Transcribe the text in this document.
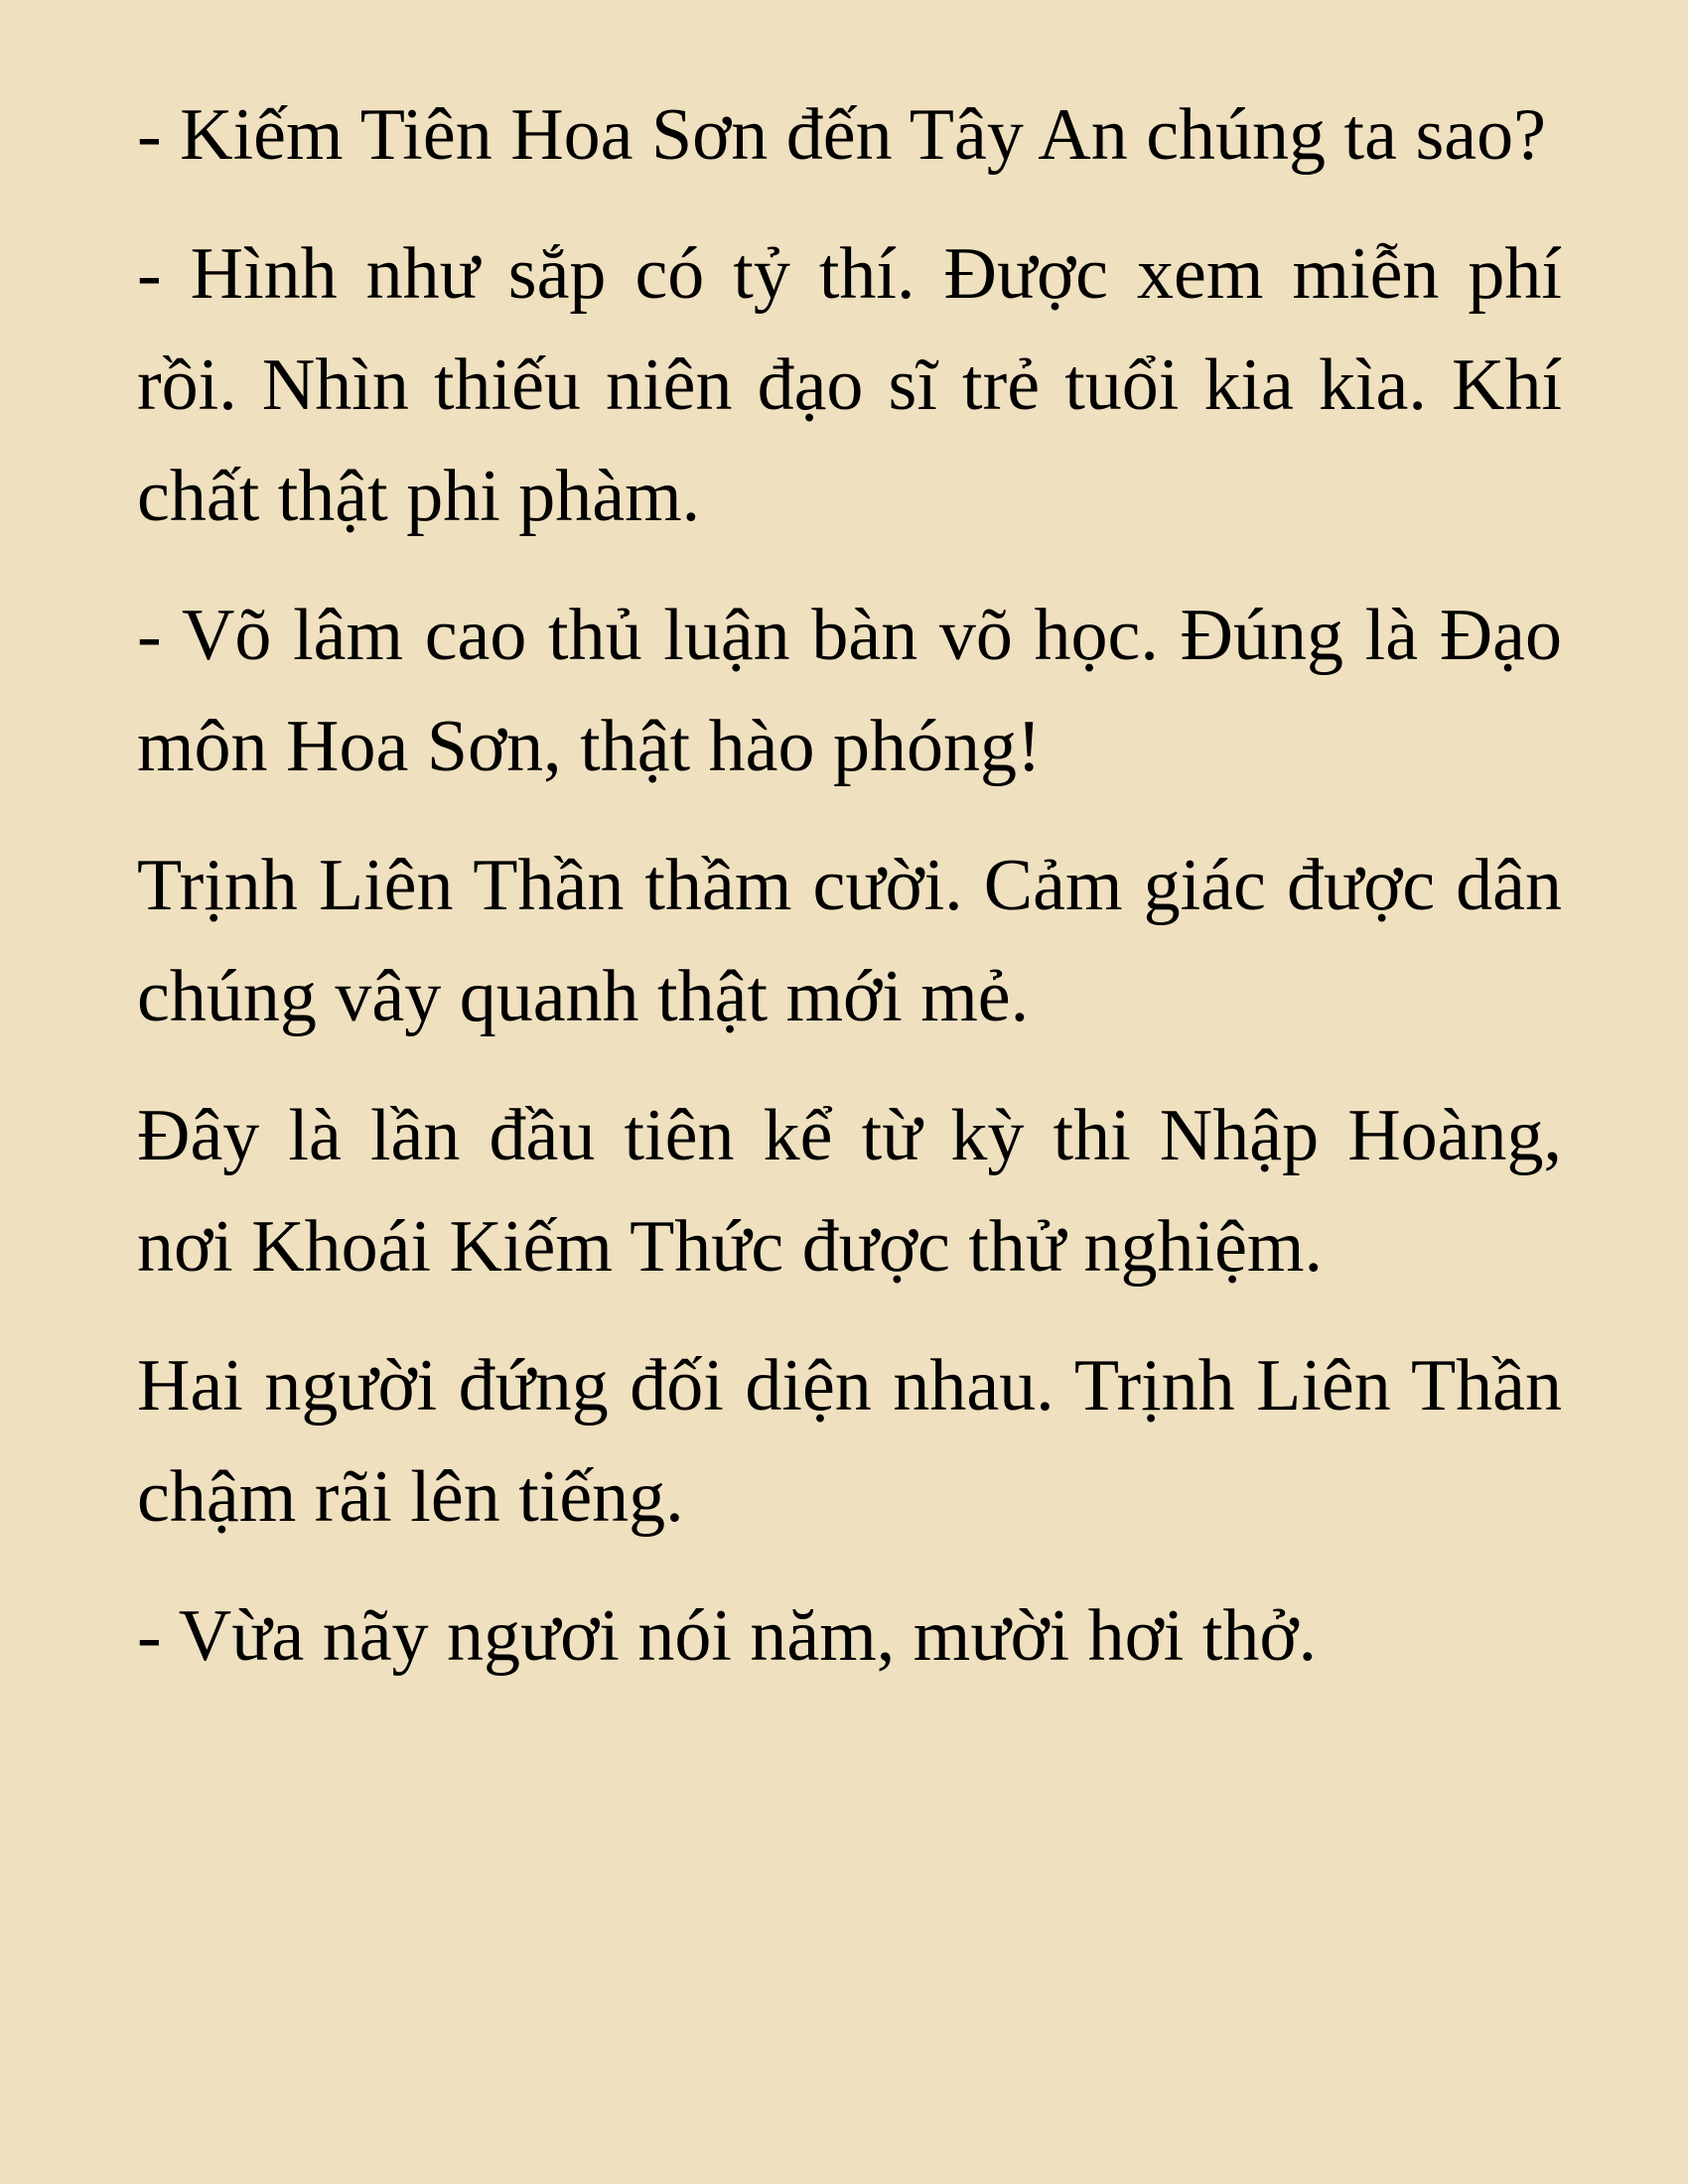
- Kiếm Tiên Hoa Sơn đến Tây An chúng ta sao?

- Hình như sắp có tỷ thí. Được xem miễn phí rồi. Nhìn thiếu niên đạo sĩ trẻ tuổi kia kìa. Khí chất thật phi phàm.

- Võ lâm cao thủ luận bàn võ học. Đúng là Đạo môn Hoa Sơn, thật hào phóng!

Trịnh Liên Thần thầm cười. Cảm giác được dân chúng vây quanh thật mới mẻ.

Đây là lần đầu tiên kể từ kỳ thi Nhập Hoàng, nơi Khoái Kiếm Thức được thử nghiệm.

Hai người đứng đối diện nhau. Trịnh Liên Thần chậm rãi lên tiếng.

- Vừa nãy ngươi nói năm, mười hơi thở.
